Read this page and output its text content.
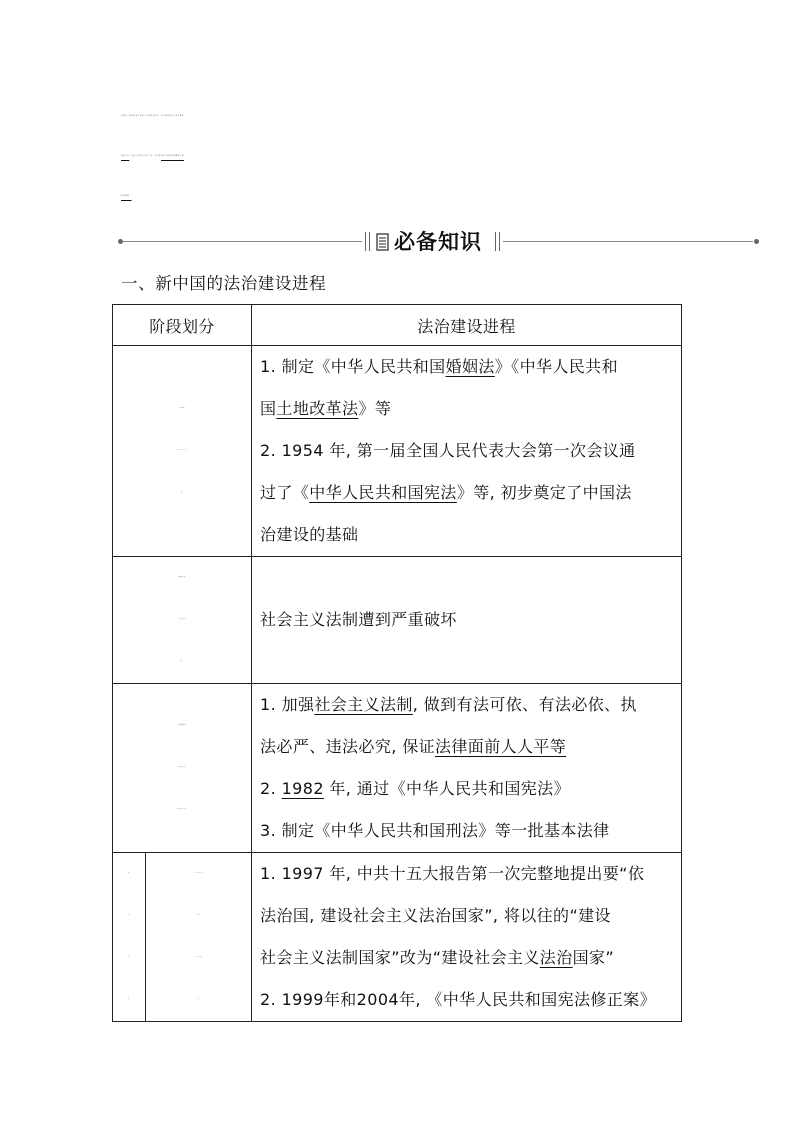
对物质文明的建设不但起巨大的推动作用, 而且保证物质文明正确的
发展方向。建设中国特色社会主义, 要求把物质文明建设和精神文明
建设相统一。
必备知识
一、新中国的法治建设进程
阶段划分		法治建设进程

初创时期
(20 世纪 50 年
代)		1. 制定《中华人民共和国婚姻法》《中华人民共和
国土地改革法》等
2. 1954 年, 第一届全国人民代表大会第一次会议通
过了《中华人民共和国宪法》等, 初步奠定了中国法
治建设的基础

被破坏时期
(“文化大革
命”)		社会主义法制遭到严重破坏

新的发展时期
(改革开放后至
20世纪80年代)		1. 加强社会主义法制, 做到有法可依、有法必依、执
法必严、违法必究, 保证法律面前人人平等
2. 1982 年, 通过《中华人民共和国宪法》
3. 制定《中华人民共和国刑法》等一批基本法律

完
善
时
期	20 世纪 90
年代
至 21 世纪
初	1. 1997 年, 中共十五大报告第一次完整地提出要“依
法治国, 建设社会主义法治国家”, 将以往的“建设
社会主义法制国家”改为“建设社会主义法治国家”
2. 1999年和2004年, 《中华人民共和国宪法修正案》
